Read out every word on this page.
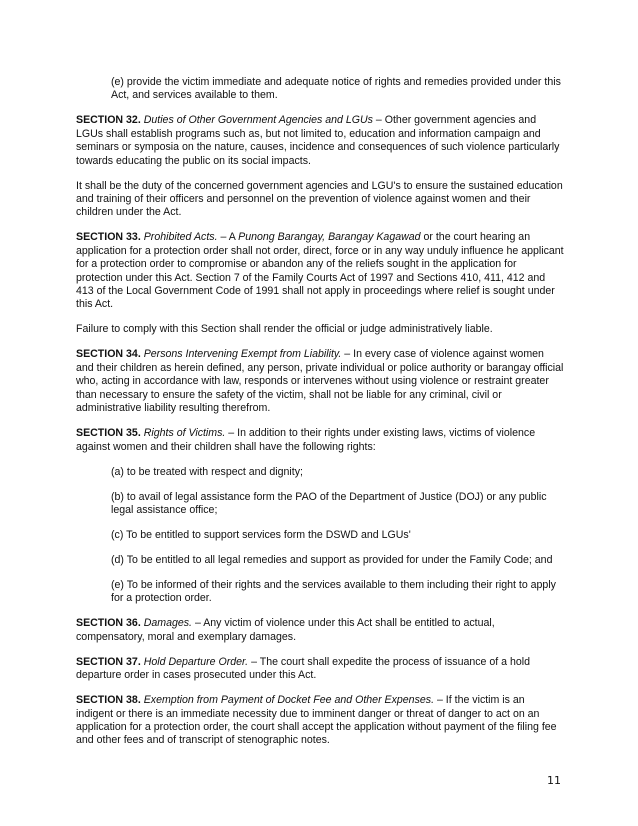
(e) provide the victim immediate and adequate notice of rights and remedies provided under this Act, and services available to them.

SECTION 32. Duties of Other Government Agencies and LGUs – Other government agencies and LGUs shall establish programs such as, but not limited to, education and information campaign and seminars or symposia on the nature, causes, incidence and consequences of such violence particularly towards educating the public on its social impacts.

It shall be the duty of the concerned government agencies and LGU's to ensure the sustained education and training of their officers and personnel on the prevention of violence against women and their children under the Act.

SECTION 33. Prohibited Acts. – A Punong Barangay, Barangay Kagawad or the court hearing an application for a protection order shall not order, direct, force or in any way unduly influence he applicant for a protection order to compromise or abandon any of the reliefs sought in the application for protection under this Act. Section 7 of the Family Courts Act of 1997 and Sections 410, 411, 412 and 413 of the Local Government Code of 1991 shall not apply in proceedings where relief is sought under this Act.

Failure to comply with this Section shall render the official or judge administratively liable.

SECTION 34. Persons Intervening Exempt from Liability. – In every case of violence against women and their children as herein defined, any person, private individual or police authority or barangay official who, acting in accordance with law, responds or intervenes without using violence or restraint greater than necessary to ensure the safety of the victim, shall not be liable for any criminal, civil or administrative liability resulting therefrom.

SECTION 35. Rights of Victims. – In addition to their rights under existing laws, victims of violence against women and their children shall have the following rights:

(a) to be treated with respect and dignity;

(b) to avail of legal assistance form the PAO of the Department of Justice (DOJ) or any public legal assistance office;

(c) To be entitled to support services form the DSWD and LGUs'

(d) To be entitled to all legal remedies and support as provided for under the Family Code; and

(e) To be informed of their rights and the services available to them including their right to apply for a protection order.

SECTION 36. Damages. – Any victim of violence under this Act shall be entitled to actual, compensatory, moral and exemplary damages.

SECTION 37. Hold Departure Order. – The court shall expedite the process of issuance of a hold departure order in cases prosecuted under this Act.

SECTION 38. Exemption from Payment of Docket Fee and Other Expenses. – If the victim is an indigent or there is an immediate necessity due to imminent danger or threat of danger to act on an application for a protection order, the court shall accept the application without payment of the filing fee and other fees and of transcript of stenographic notes.

11
